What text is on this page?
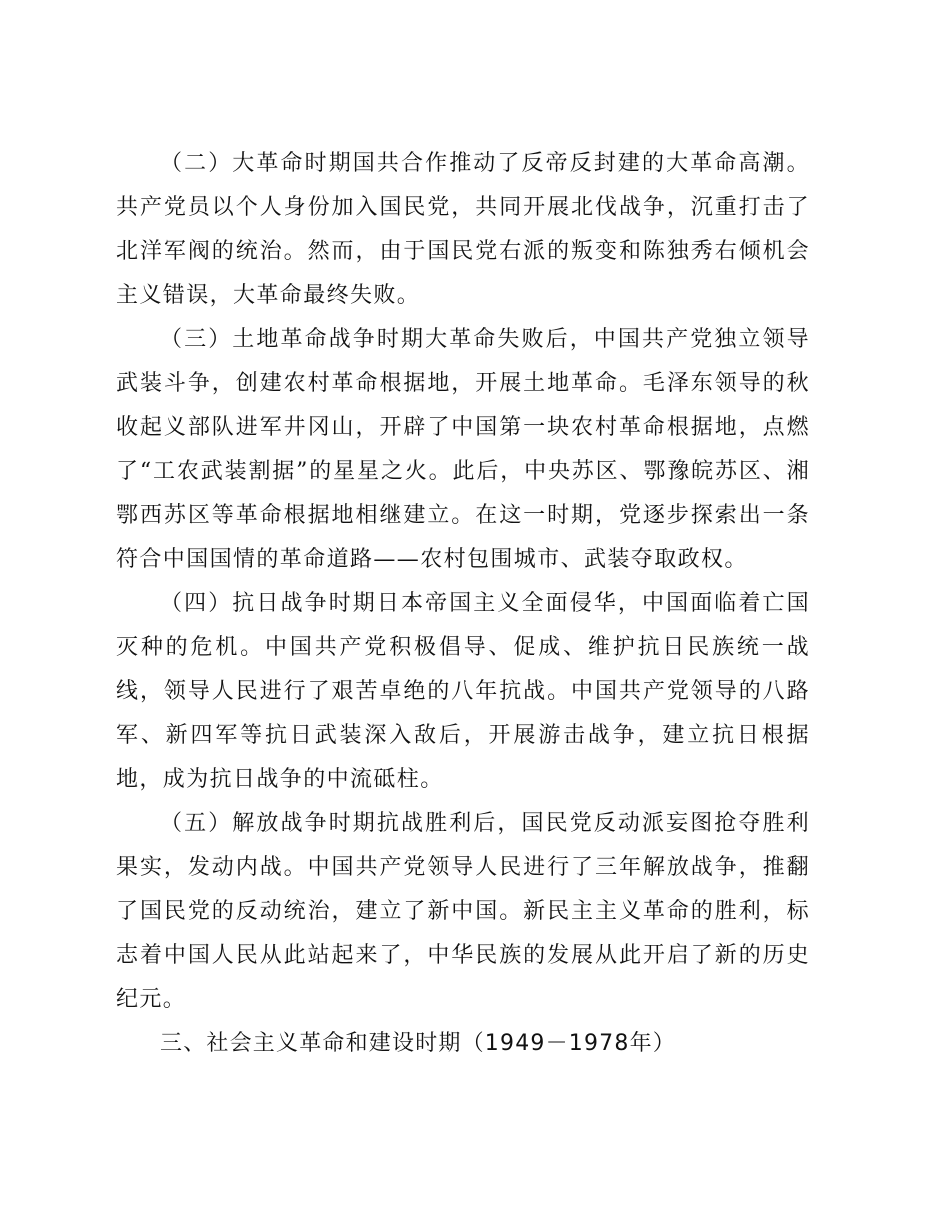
（二）大革命时期国共合作推动了反帝反封建的大革命高潮。共产党员以个人身份加入国民党，共同开展北伐战争，沉重打击了北洋军阀的统治。然而，由于国民党右派的叛变和陈独秀右倾机会主义错误，大革命最终失败。

（三）土地革命战争时期大革命失败后，中国共产党独立领导武装斗争，创建农村革命根据地，开展土地革命。毛泽东领导的秋收起义部队进军井冈山，开辟了中国第一块农村革命根据地，点燃了“工农武装割据”的星星之火。此后，中央苏区、鄂豫皖苏区、湘鄂西苏区等革命根据地相继建立。在这一时期，党逐步探索出一条符合中国国情的革命道路——农村包围城市、武装夺取政权。

（四）抗日战争时期日本帝国主义全面侵华，中国面临着亡国灭种的危机。中国共产党积极倡导、促成、维护抗日民族统一战线，领导人民进行了艰苦卓绝的八年抗战。中国共产党领导的八路军、新四军等抗日武装深入敌后，开展游击战争，建立抗日根据地，成为抗日战争的中流砥柱。

（五）解放战争时期抗战胜利后，国民党反动派妄图抢夺胜利果实，发动内战。中国共产党领导人民进行了三年解放战争，推翻了国民党的反动统治，建立了新中国。新民主主义革命的胜利，标志着中国人民从此站起来了，中华民族的发展从此开启了新的历史纪元。

三、社会主义革命和建设时期（1949－1978年）
